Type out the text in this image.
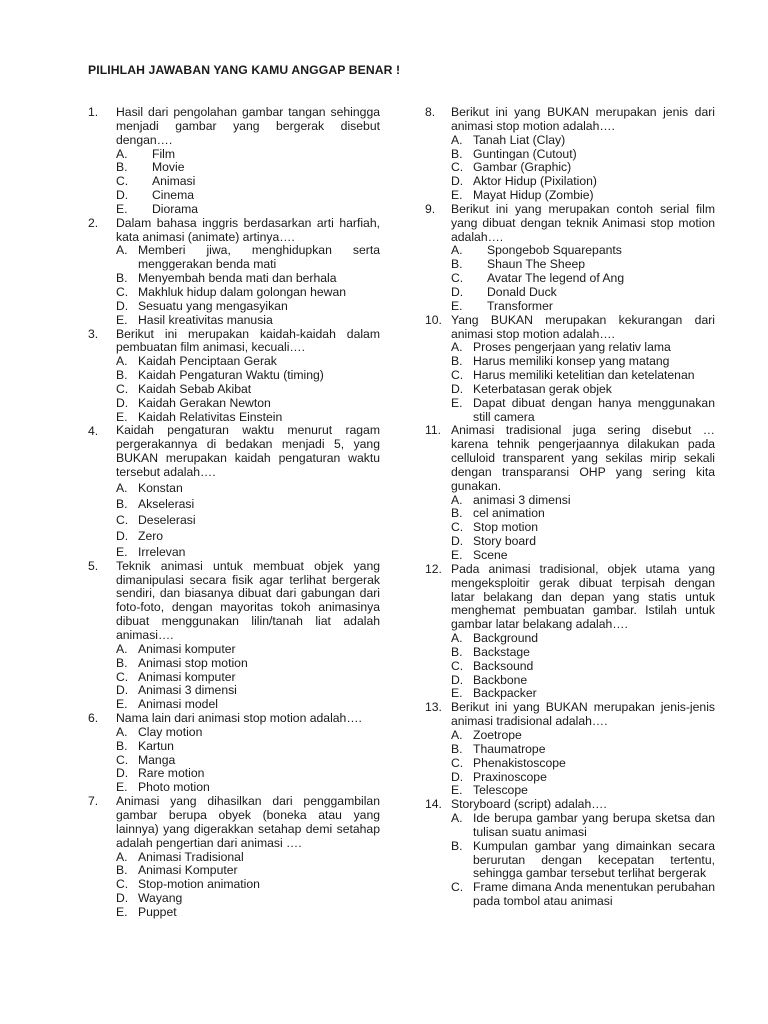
PILIHLAH JAWABAN YANG KAMU ANGGAP BENAR !
1. Hasil dari pengolahan gambar tangan sehingga menjadi gambar yang bergerak disebut dengan….
A. Film
B. Movie
C. Animasi
D. Cinema
E. Diorama
2. Dalam bahasa inggris berdasarkan arti harfiah, kata animasi (animate) artinya….
A. Memberi jiwa, menghidupkan serta menggerakan benda mati
B. Menyembah benda mati dan berhala
C. Makhluk hidup dalam golongan hewan
D. Sesuatu yang mengasyikan
E. Hasil kreativitas manusia
3. Berikut ini merupakan kaidah-kaidah dalam pembuatan film animasi, kecuali….
A. Kaidah Penciptaan Gerak
B. Kaidah Pengaturan Waktu (timing)
C. Kaidah Sebab Akibat
D. Kaidah Gerakan Newton
E. Kaidah Relativitas Einstein
4. Kaidah pengaturan waktu menurut ragam pergerakannya di bedakan menjadi 5, yang BUKAN merupakan kaidah pengaturan waktu tersebut adalah….
A. Konstan
B. Akselerasi
C. Deselerasi
D. Zero
E. Irrelevan
5. Teknik animasi untuk membuat objek yang dimanipulasi secara fisik agar terlihat bergerak sendiri, dan biasanya dibuat dari gabungan dari foto-foto, dengan mayoritas tokoh animasinya dibuat menggunakan lilin/tanah liat adalah animasi….
A. Animasi komputer
B. Animasi stop motion
C. Animasi komputer
D. Animasi 3 dimensi
E. Animasi model
6. Nama lain dari animasi stop motion adalah….
A. Clay motion
B. Kartun
C. Manga
D. Rare motion
E. Photo motion
7. Animasi yang dihasilkan dari penggambilan gambar berupa obyek (boneka atau yang lainnya) yang digerakkan setahap demi setahap adalah pengertian dari animasi ….
A. Animasi Tradisional
B. Animasi Komputer
C. Stop-motion animation
D. Wayang
E. Puppet
8. Berikut ini yang BUKAN merupakan jenis dari animasi stop motion adalah….
A. Tanah Liat (Clay)
B. Guntingan (Cutout)
C. Gambar (Graphic)
D. Aktor Hidup (Pixilation)
E. Mayat Hidup (Zombie)
9. Berikut ini yang merupakan contoh serial film yang dibuat dengan teknik Animasi stop motion adalah….
A. Spongebob Squarepants
B. Shaun The Sheep
C. Avatar The legend of Ang
D. Donald Duck
E. Transformer
10. Yang BUKAN merupakan kekurangan dari animasi stop motion adalah….
A. Proses pengerjaan yang relativ lama
B. Harus memiliki konsep yang matang
C. Harus memiliki ketelitian dan ketelatenan
D. Keterbatasan gerak objek
E. Dapat dibuat dengan hanya menggunakan still camera
11. Animasi tradisional juga sering disebut … karena tehnik pengerjaannya dilakukan pada celluloid transparent yang sekilas mirip sekali dengan transparansi OHP yang sering kita gunakan.
A. animasi 3 dimensi
B. cel animation
C. Stop motion
D. Story board
E. Scene
12. Pada animasi tradisional, objek utama yang mengeksploitir gerak dibuat terpisah dengan latar belakang dan depan yang statis untuk menghemat pembuatan gambar. Istilah untuk gambar latar belakang adalah….
A. Background
B. Backstage
C. Backsound
D. Backbone
E. Backpacker
13. Berikut ini yang BUKAN merupakan jenis-jenis animasi tradisional adalah….
A. Zoetrope
B. Thaumatrope
C. Phenakistoscope
D. Praxinoscope
E. Telescope
14. Storyboard (script) adalah….
A. Ide berupa gambar yang berupa sketsa dan tulisan suatu animasi
B. Kumpulan gambar yang dimainkan secara berurutan dengan kecepatan tertentu, sehingga gambar tersebut terlihat bergerak
C. Frame dimana Anda menentukan perubahan pada tombol atau animasi
